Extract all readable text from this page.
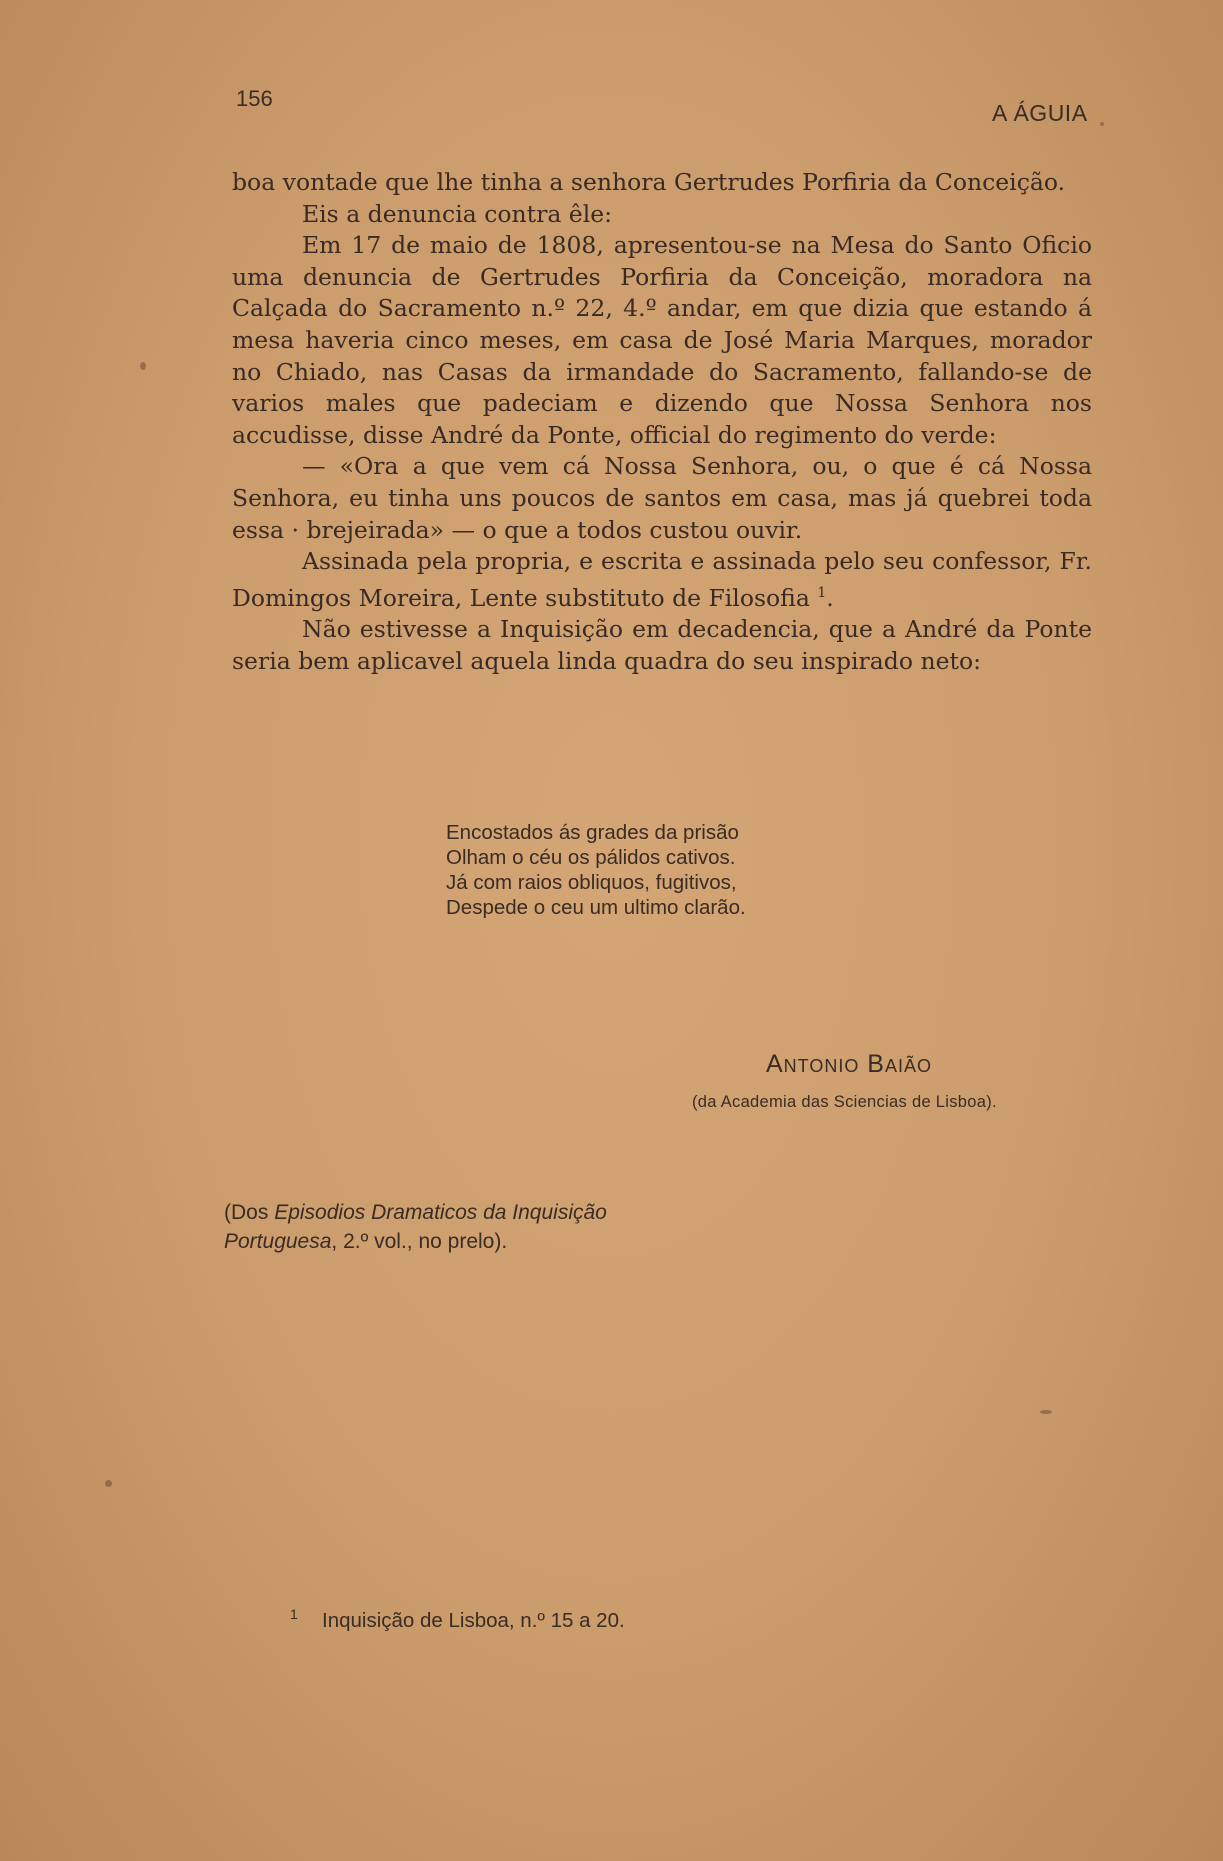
156
A ÁGUIA

boa vontade que lhe tinha a senhora Gertrudes Porfiria da Conceição.

Eis a denuncia contra êle:

Em 17 de maio de 1808, apresentou-se na Mesa do Santo Oficio uma denuncia de Gertrudes Porfiria da Conceição, moradora na Calçada do Sacramento n.º 22, 4.º andar, em que dizia que estando á mesa haveria cinco meses, em casa de José Maria Marques, morador no Chiado, nas Casas da irmandade do Sacramento, fallando-se de varios males que padeciam e dizendo que Nossa Senhora nos accudisse, disse André da Ponte, official do regimento do verde:

— «Ora a que vem cá Nossa Senhora, ou, o que é cá Nossa Senhora, eu tinha uns poucos de santos em casa, mas já quebrei toda essa · brejeirada» — o que a todos custou ouvir.

Assinada pela propria, e escrita e assinada pelo seu confessor, Fr. Domingos Moreira, Lente substituto de Filosofia $^1$.

Não estivesse a Inquisição em decadencia, que a André da Ponte seria bem aplicavel aquela linda quadra do seu inspirado neto:

Encostados ás grades da prisão
Olham o céu os pálidos cativos.
Já com raios obliquos, fugitivos,
Despede o ceu um ultimo clarão.
Antonio Baião
(da Academia das Sciencias de Lisboa).
(Dos Episodios Dramaticos da Inquisição Portuguesa, 2.º vol., no prelo).
1 Inquisição de Lisboa, n.º 15 a 20.
